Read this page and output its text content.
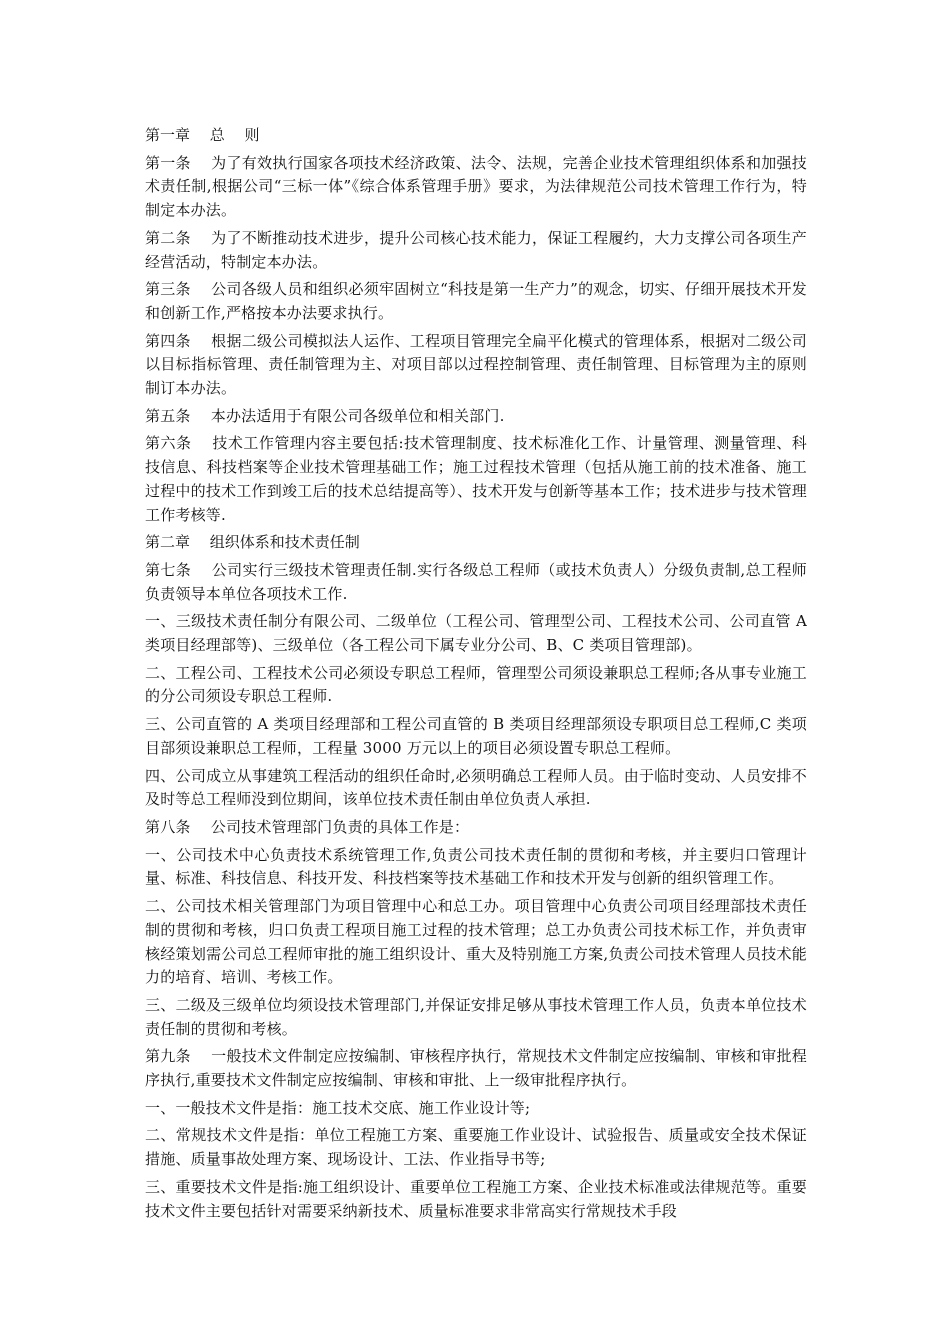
第一章　 总　 则

第一条　 为了有效执行国家各项技术经济政策、法令、法规，完善企业技术管理组织体系和加强技术责任制,根据公司“三标一体”《综合体系管理手册》要求，为法律规范公司技术管理工作行为，特制定本办法。

第二条　 为了不断推动技术进步，提升公司核心技术能力，保证工程履约，大力支撑公司各项生产经营活动，特制定本办法。

第三条　 公司各级人员和组织必须牢固树立“科技是第一生产力”的观念，切实、仔细开展技术开发和创新工作,严格按本办法要求执行。

第四条　 根据二级公司模拟法人运作、工程项目管理完全扁平化模式的管理体系，根据对二级公司以目标指标管理、责任制管理为主、对项目部以过程控制管理、责任制管理、目标管理为主的原则制订本办法。

第五条　 本办法适用于有限公司各级单位和相关部门.

第六条　 技术工作管理内容主要包括:技术管理制度、技术标准化工作、计量管理、测量管理、科技信息、科技档案等企业技术管理基础工作；施工过程技术管理（包括从施工前的技术准备、施工过程中的技术工作到竣工后的技术总结提高等）、技术开发与创新等基本工作；技术进步与技术管理工作考核等.

第二章　 组织体系和技术责任制

第七条　 公司实行三级技术管理责任制.实行各级总工程师（或技术负责人）分级负责制,总工程师负责领导本单位各项技术工作.

一、三级技术责任制分有限公司、二级单位（工程公司、管理型公司、工程技术公司、公司直管 A 类项目经理部等)、三级单位（各工程公司下属专业分公司、B、C 类项目管理部)。

二、工程公司、工程技术公司必须设专职总工程师，管理型公司须设兼职总工程师;各从事专业施工的分公司须设专职总工程师.

三、公司直管的 A 类项目经理部和工程公司直管的 B 类项目经理部须设专职项目总工程师,C 类项目部须设兼职总工程师，工程量 3000 万元以上的项目必须设置专职总工程师。

四、公司成立从事建筑工程活动的组织任命时,必须明确总工程师人员。由于临时变动、人员安排不及时等总工程师没到位期间，该单位技术责任制由单位负责人承担.

第八条　 公司技术管理部门负责的具体工作是：

一、公司技术中心负责技术系统管理工作,负责公司技术责任制的贯彻和考核，并主要归口管理计量、标准、科技信息、科技开发、科技档案等技术基础工作和技术开发与创新的组织管理工作。

二、公司技术相关管理部门为项目管理中心和总工办。项目管理中心负责公司项目经理部技术责任制的贯彻和考核，归口负责工程项目施工过程的技术管理；总工办负责公司技术标工作，并负责审核经策划需公司总工程师审批的施工组织设计、重大及特别施工方案,负责公司技术管理人员技术能力的培育、培训、考核工作。

三、二级及三级单位均须设技术管理部门,并保证安排足够从事技术管理工作人员，负责本单位技术责任制的贯彻和考核。

第九条　 一般技术文件制定应按编制、审核程序执行，常规技术文件制定应按编制、审核和审批程序执行,重要技术文件制定应按编制、审核和审批、上一级审批程序执行。

一、一般技术文件是指：施工技术交底、施工作业设计等;

二、常规技术文件是指：单位工程施工方案、重要施工作业设计、试验报告、质量或安全技术保证措施、质量事故处理方案、现场设计、工法、作业指导书等;

三、重要技术文件是指:施工组织设计、重要单位工程施工方案、企业技术标准或法律规范等。重要技术文件主要包括针对需要采纳新技术、质量标准要求非常高实行常规技术手段
